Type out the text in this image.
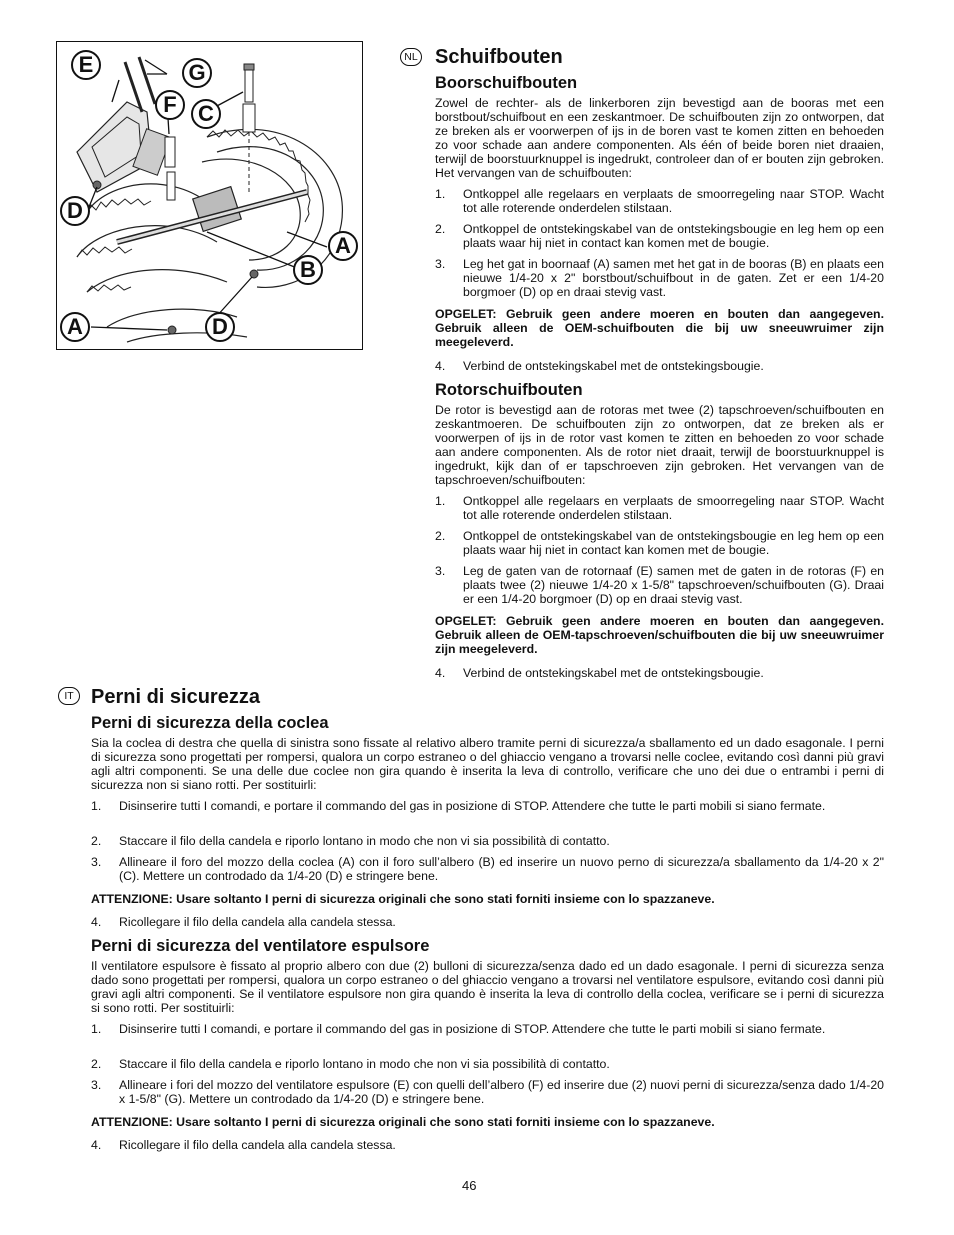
E	G
F C
D
A
B
A	D
NL Schuifbouten
Boorschuifbouten
Zowel de rechter- als de linkerboren zijn bevestigd aan de booras met een borstbout/schuifbout en een zeskantmoer. De schuifbouten zijn zo ontworpen, dat ze breken als er voorwerpen of ijs in de boren vast te komen zitten en behoeden zo voor schade aan andere componenten. Als één of beide boren niet draaien, terwijl de boorstuurknuppel is ingedrukt, controleer dan of er bouten zijn gebroken. Het vervangen van de schuifbouten:
1. Ontkoppel alle regelaars en verplaats de smoorregeling naar STOP. Wacht tot alle roterende onderdelen stilstaan.
2. Ontkoppel de ontstekingskabel van de ontstekingsbougie en leg hem op een plaats waar hij niet in contact kan komen met de bougie.
3. Leg het gat in boornaaf (A) samen met het gat in de booras (B) en plaats een nieuwe 1/4-20 x 2" borstbout/schuifbout in de gaten. Zet er een 1/4-20 borgmoer (D) op en draai stevig vast.
OPGELET: Gebruik geen andere moeren en bouten dan aangegeven. Gebruik alleen de OEM-schuifbouten die bij uw sneeuwruimer zijn meegeleverd.
4. Verbind de ontstekingskabel met de ontstekingsbougie.
Rotorschuifbouten
De rotor is bevestigd aan de rotoras met twee (2) tapschroeven/schuifbouten en zeskantmoeren. De schuifbouten zijn zo ontworpen, dat ze breken als er voorwerpen of ijs in de rotor vast komen te zitten en behoeden zo voor schade aan andere componenten. Als de rotor niet draait, terwijl de boorstuurknuppel is ingedrukt, kijk dan of er tapschroeven zijn gebroken. Het vervangen van de tapschroeven/schuifbouten:
1. Ontkoppel alle regelaars en verplaats de smoorregeling naar STOP. Wacht tot alle roterende onderdelen stilstaan.
2. Ontkoppel de ontstekingskabel van de ontstekingsbougie en leg hem op een plaats waar hij niet in contact kan komen met de bougie.
3. Leg de gaten van de rotornaaf (E) samen met de gaten in de rotoras (F) en plaats twee (2) nieuwe 1/4-20 x 1-5/8" tapschroeven/schuifbouten (G). Draai er een 1/4-20 borgmoer (D) op en draai stevig vast.
OPGELET: Gebruik geen andere moeren en bouten dan aangegeven. Gebruik alleen de OEM-tapschroeven/schuifbouten die bij uw sneeuwruimer zijn meegeleverd.
4. Verbind de ontstekingskabel met de ontstekingsbougie.
IT Perni di sicurezza
Perni di sicurezza della coclea
Sia la coclea di destra che quella di sinistra sono fissate al relativo albero tramite perni di sicurezza/a sballamento ed un dado esagonale. I perni di sicurezza sono progettati per rompersi, qualora un corpo estraneo o del ghiaccio vengano a trovarsi nelle coclee, evitando così danni più gravi agli altri componenti. Se una delle due coclee non gira quando è inserita la leva di controllo, verificare che uno dei due o entrambi i perni di sicurezza non si siano rotti. Per sostituirli:
1. Disinserire tutti I comandi, e portare il commando del gas in posizione di STOP. Attendere che tutte le parti mobili si siano fermate.
2. Staccare il filo della candela e riporlo lontano in modo che non vi sia possibilità di contatto.
3. Allineare il foro del mozzo della coclea (A) con il foro sull’albero (B) ed inserire un nuovo perno di sicurezza/a sballamento da 1/4-20 x 2" (C). Mettere un controdado da 1/4-20 (D) e stringere bene.
ATTENZIONE: Usare soltanto I perni di sicurezza originali che sono stati forniti insieme con lo spazzaneve.
4. Ricollegare il filo della candela alla candela stessa.
Perni di sicurezza del ventilatore espulsore
Il ventilatore espulsore è fissato al proprio albero con due (2) bulloni di sicurezza/senza dado ed un dado esagonale. I perni di sicurezza senza dado sono progettati per rompersi, qualora un corpo estraneo o del ghiaccio vengano a trovarsi nel ventilatore espulsore, evitando così danni più gravi agli altri componenti. Se il ventilatore espulsore non gira quando è inserita la leva di controllo della coclea, verificare se i perni di sicurezza si sono rotti. Per sostituirli:
1. Disinserire tutti I comandi, e portare il commando del gas in posizione di STOP. Attendere che tutte le parti mobili si siano fermate.
2. Staccare il filo della candela e riporlo lontano in modo che non vi sia possibilità di contatto.
3. Allineare i fori del mozzo del ventilatore espulsore (E) con quelli dell’albero (F) ed inserire due (2) nuovi perni di sicurezza/senza dado 1/4-20 x 1-5/8" (G). Mettere un controdado da 1/4-20 (D) e stringere bene.
ATTENZIONE: Usare soltanto I perni di sicurezza originali che sono stati forniti insieme con lo spazzaneve.
4. Ricollegare il filo della candela alla candela stessa.
46
